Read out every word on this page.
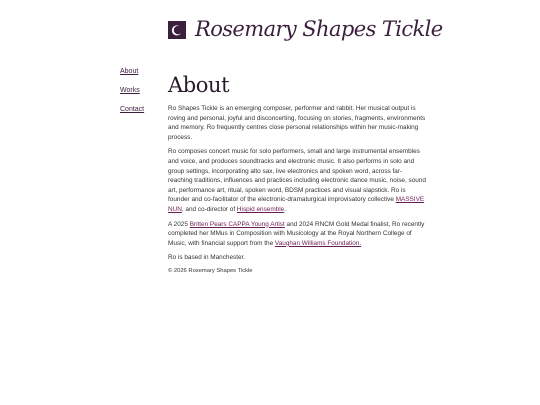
Rosemary Shapes Tickle
About
Works
Contact
About

Ro Shapes Tickle is an emerging composer, performer and rabbit. Her musical output is roving and personal, joyful and disconcerting, focusing on stories, fragments, environments and memory. Ro frequently centres close personal relationships within her music-making process.

Ro composes concert music for solo performers, small and large instrumental ensembles and voice, and produces soundtracks and electronic music. It also performs in solo and group settings, incorporating alto sax, live electronics and spoken word, across far-reaching traditions, influences and practices including electronic dance music, noise, sound art, performance art, ritual, spoken word, BDSM practices and visual slapstick. Ro is founder and co-facilitator of the electronic-dramaturgical improvisatory collective MASSIVE NUN, and co-director of Hispid ensemble.

A 2025 Britten Pears CAPPA Young Artist and 2024 RNCM Gold Medal finalist, Ro recently completed her MMus in Composition with Musicology at the Royal Northern College of Music, with financial support from the Vaughan Williams Foundation.

Ro is based in Manchester.

© 2026 Rosemary Shapes Tickle
